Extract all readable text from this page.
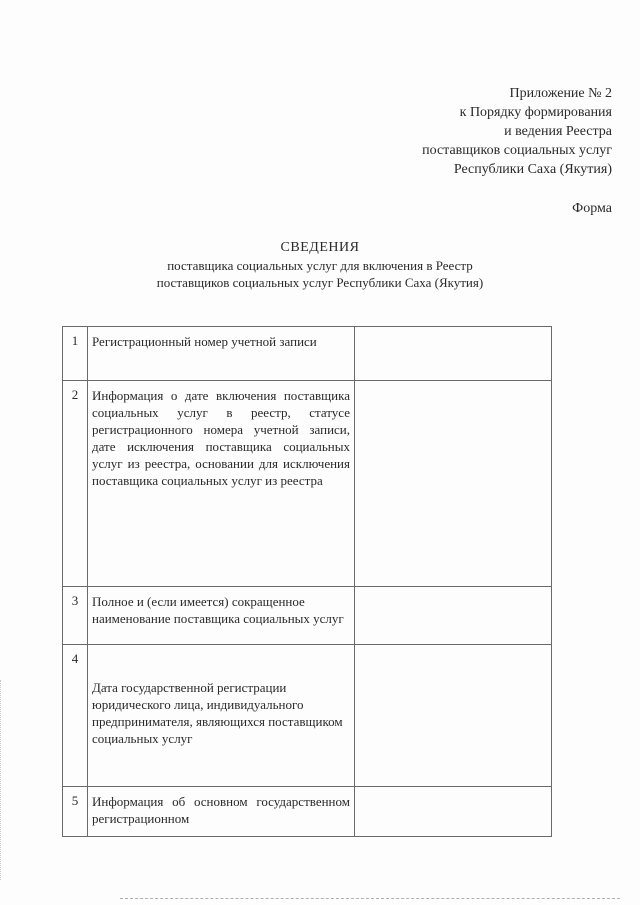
Приложение № 2
к Порядку формирования
и ведения Реестра
поставщиков социальных услуг
Республики Саха (Якутия)
Форма
СВЕДЕНИЯ
поставщика социальных услуг для включения в Реестр
поставщиков социальных услуг Республики Саха (Якутия)
1	Регистрационный номер учетной записи	
2	Информация о дате включения поставщика социальных услуг в реестр, статусе регистрационного номера учетной записи, дате исключения поставщика социальных услуг из реестра, основании для исключения поставщика социальных услуг из реестра	
3	Полное и (если имеется) сокращенное наименование поставщика социальных услуг	
4	Дата государственной регистрации юридического лица, индивидуального предпринимателя, являющихся поставщиком социальных услуг	

5	Информация об основном государственном регистрационном	
